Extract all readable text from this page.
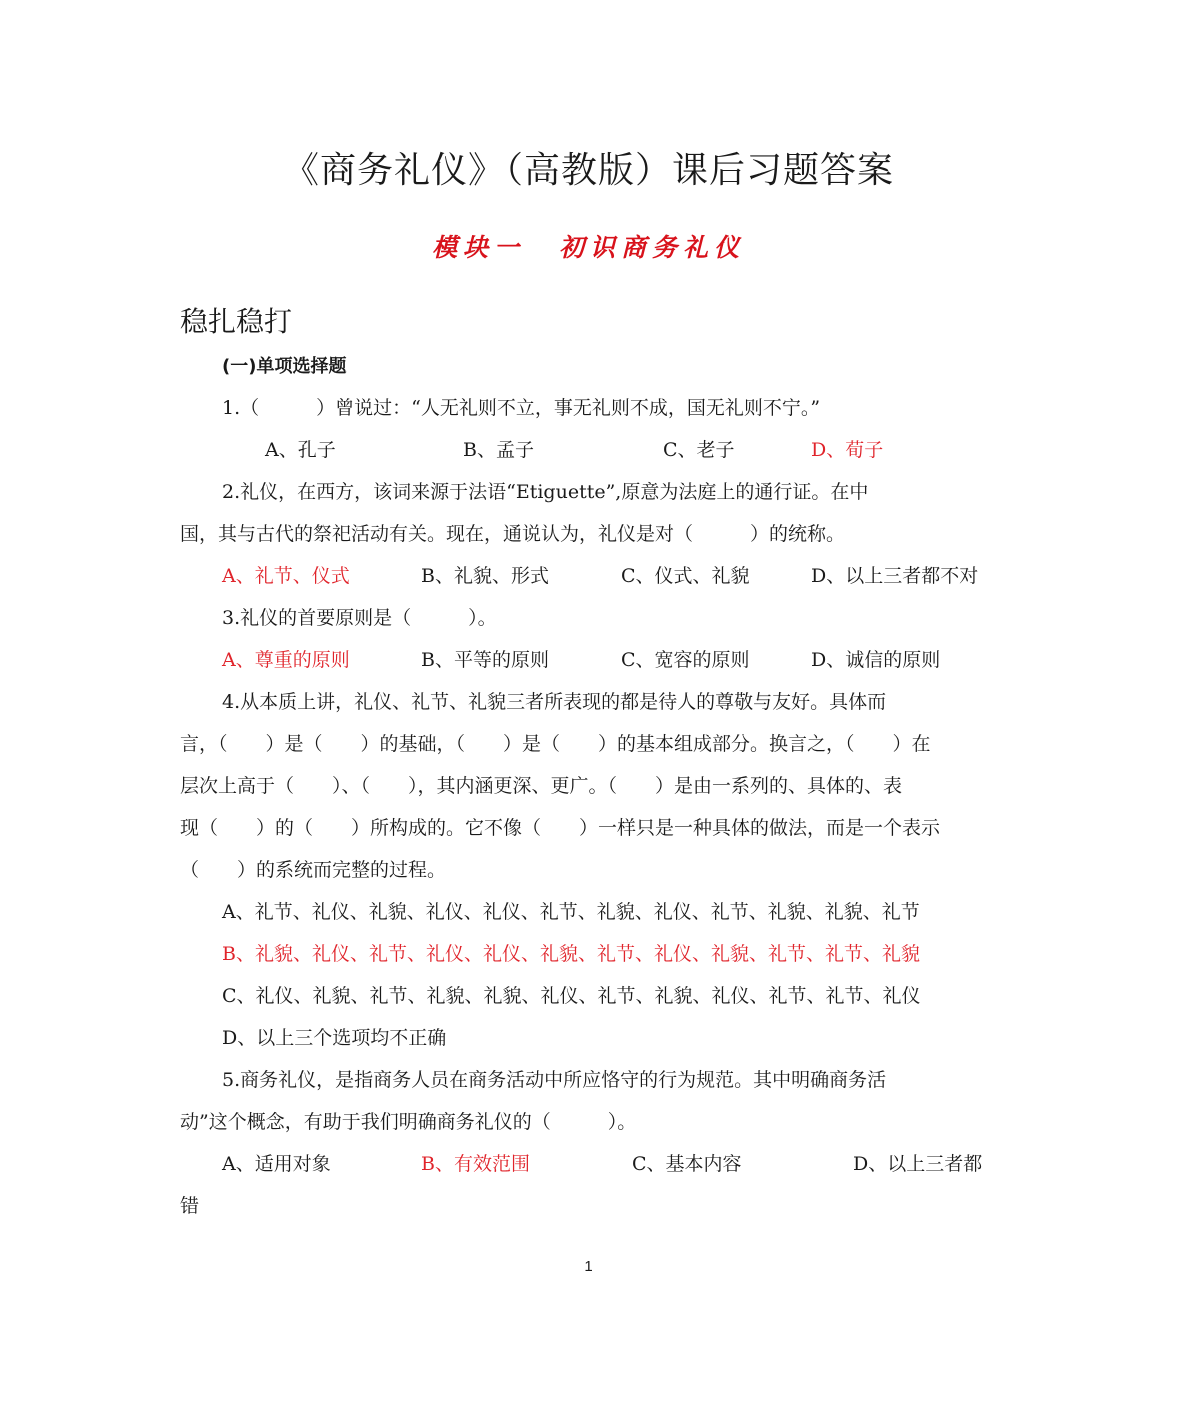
《商务礼仪》（高教版）课后习题答案
模块一 初识商务礼仪
稳扎稳打
(一)单项选择题
1.（　　　）曾说过：“人无礼则不立，事无礼则不成，国无礼则不宁。”
A、孔子	B、孟子	C、老子	D、荀子
2.礼仪，在西方，该词来源于法语“Etiguette”,原意为法庭上的通行证。在中
国，其与古代的祭祀活动有关。现在，通说认为，礼仪是对（　　　）的统称。
A、礼节、仪式	B、礼貌、形式	C、仪式、礼貌	D、以上三者都不对
3.礼仪的首要原则是（　　　）。
A、尊重的原则	B、平等的原则	C、宽容的原则	D、诚信的原则
4.从本质上讲，礼仪、礼节、礼貌三者所表现的都是待人的尊敬与友好。具体而
言，（　　）是（　　）的基础，（　　）是（　　）的基本组成部分。换言之，（　　）在
层次上高于（　　）、（　　），其内涵更深、更广。（　　）是由一系列的、具体的、表
现（　　）的（　　）所构成的。它不像（　　）一样只是一种具体的做法，而是一个表示
（　　）的系统而完整的过程。
A、礼节、礼仪、礼貌、礼仪、礼仪、礼节、礼貌、礼仪、礼节、礼貌、礼貌、礼节
B、礼貌、礼仪、礼节、礼仪、礼仪、礼貌、礼节、礼仪、礼貌、礼节、礼节、礼貌
C、礼仪、礼貌、礼节、礼貌、礼貌、礼仪、礼节、礼貌、礼仪、礼节、礼节、礼仪
D、以上三个选项均不正确
5.商务礼仪，是指商务人员在商务活动中所应恪守的行为规范。其中明确商务活
动”这个概念，有助于我们明确商务礼仪的（　　　）。
A、适用对象	B、有效范围	C、基本内容	D、以上三者都
错
1
